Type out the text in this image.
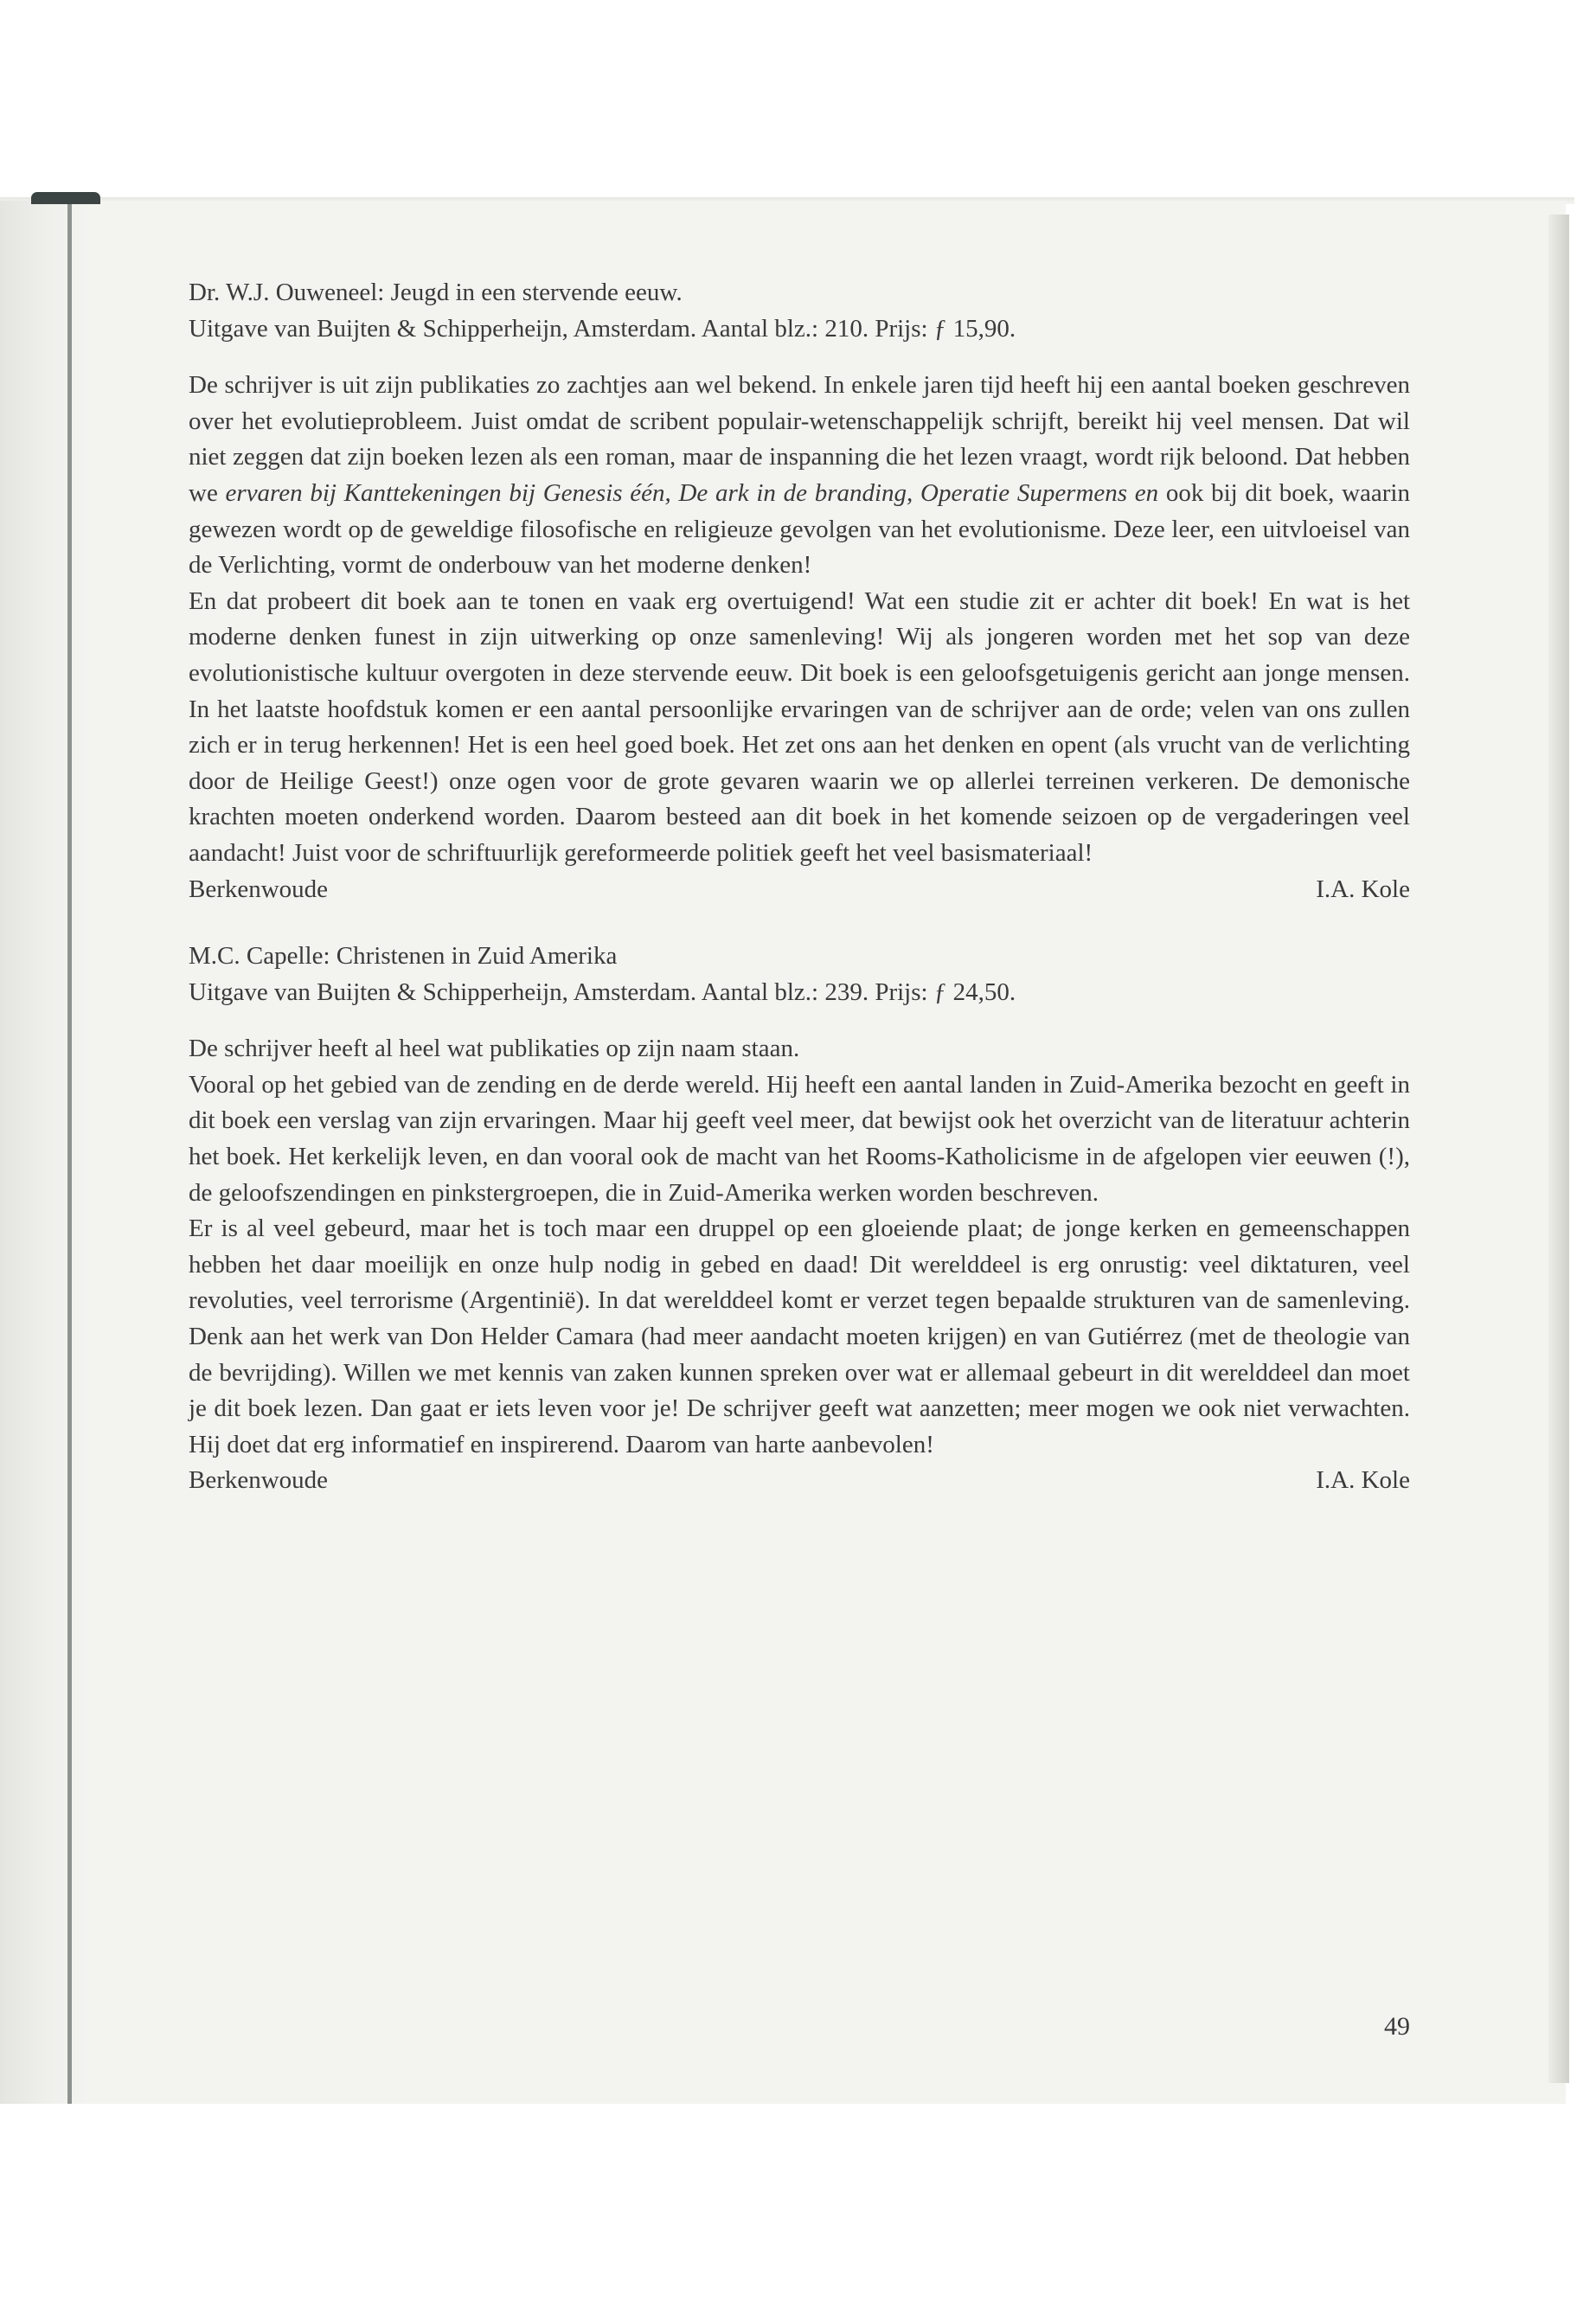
Dr. W.J. Ouweneel: Jeugd in een stervende eeuw.

Uitgave van Buijten & Schipperheijn, Amsterdam. Aantal blz.: 210. Prijs: ƒ 15,90.

De schrijver is uit zijn publikaties zo zachtjes aan wel bekend. In enkele jaren tijd heeft hij een aantal boeken geschreven over het evolutieprobleem. Juist omdat de scribent populair-wetenschappelijk schrijft, bereikt hij veel mensen. Dat wil niet zeggen dat zijn boeken lezen als een roman, maar de inspanning die het lezen vraagt, wordt rijk beloond. Dat hebben we ervaren bij Kanttekeningen bij Genesis één, De ark in de branding, Operatie Supermens en ook bij dit boek, waarin gewezen wordt op de geweldige filosofische en religieuze gevolgen van het evolutionisme. Deze leer, een uitvloeisel van de Verlichting, vormt de onderbouw van het moderne denken!

En dat probeert dit boek aan te tonen en vaak erg overtuigend! Wat een studie zit er achter dit boek! En wat is het moderne denken funest in zijn uitwerking op onze samenleving! Wij als jongeren worden met het sop van deze evolutionistische kultuur overgoten in deze stervende eeuw. Dit boek is een geloofsgetuigenis gericht aan jonge mensen. In het laatste hoofdstuk komen er een aantal persoonlijke ervaringen van de schrijver aan de orde; velen van ons zullen zich er in terug herkennen! Het is een heel goed boek. Het zet ons aan het denken en opent (als vrucht van de verlichting door de Heilige Geest!) onze ogen voor de grote gevaren waarin we op allerlei terreinen verkeren. De demonische krachten moeten onderkend worden. Daarom besteed aan dit boek in het komende seizoen op de vergaderingen veel aandacht! Juist voor de schriftuurlijk gereformeerde politiek geeft het veel basismateriaal!

Berkenwoude	I.A. Kole

M.C. Capelle: Christenen in Zuid Amerika

Uitgave van Buijten & Schipperheijn, Amsterdam. Aantal blz.: 239. Prijs: ƒ 24,50.

De schrijver heeft al heel wat publikaties op zijn naam staan.

Vooral op het gebied van de zending en de derde wereld. Hij heeft een aantal landen in Zuid-Amerika bezocht en geeft in dit boek een verslag van zijn ervaringen. Maar hij geeft veel meer, dat bewijst ook het overzicht van de literatuur achterin het boek. Het kerkelijk leven, en dan vooral ook de macht van het Rooms-Katholicisme in de afgelopen vier eeuwen (!), de geloofszendingen en pinkstergroepen, die in Zuid-Amerika werken worden beschreven.

Er is al veel gebeurd, maar het is toch maar een druppel op een gloeiende plaat; de jonge kerken en gemeenschappen hebben het daar moeilijk en onze hulp nodig in gebed en daad! Dit werelddeel is erg onrustig: veel diktaturen, veel revoluties, veel terrorisme (Argentinië). In dat werelddeel komt er verzet tegen bepaalde strukturen van de samenleving. Denk aan het werk van Don Helder Camara (had meer aandacht moeten krijgen) en van Gutiérrez (met de theologie van de bevrijding). Willen we met kennis van zaken kunnen spreken over wat er allemaal gebeurt in dit werelddeel dan moet je dit boek lezen. Dan gaat er iets leven voor je! De schrijver geeft wat aanzetten; meer mogen we ook niet verwachten. Hij doet dat erg informatief en inspirerend. Daarom van harte aanbevolen!

Berkenwoude	I.A. Kole

49
